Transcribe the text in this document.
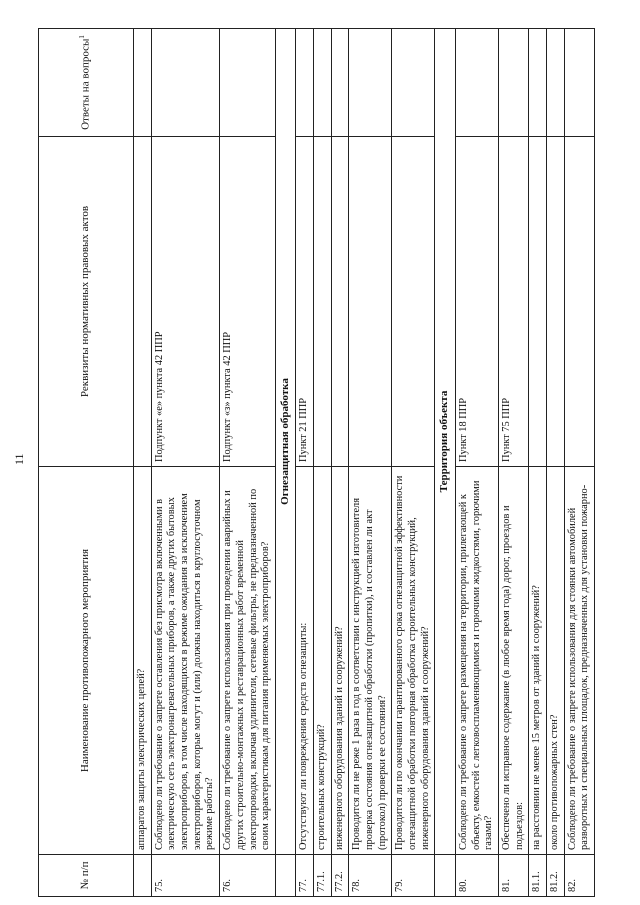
11
№ п/п	Наименование противопожарного мероприятия	Реквизиты нормативных правовых актов	Ответы на вопросы$^1$
	аппаратов защиты электрических цепей?		
75.	Соблюдено ли требование о запрете оставления без присмотра включенными в электрическую сеть электронагревательных приборов, а также других бытовых электроприборов, в том числе находящихся в режиме ожидания за исключением электроприборов, которые могут и (или) должны находиться в круглосуточном режиме работы?	Подпункт «е» пункта 42 ППР	
76.	Соблюдено ли требование о запрете использования при проведении аварийных и других строительно-монтажных и реставрационных работ временной электропроводки, включая удлинители, сетевые фильтры, не предназначенной по своим характеристикам для питания применяемых электроприборов?	Подпункт «з» пункта 42 ППР	
	Огнезащитная обработка		
77.	Отсутствуют ли повреждения средств огнезащиты:	Пункт 21 ППР	
77.1.	строительных конструкций?		
77.2.	инженерного оборудования зданий и сооружений?		
78.	Проводится ли не реже 1 раза в год в соответствии с инструкцией изготовителя проверка состояния огнезащитной обработки (пропитки), и составлен ли акт (протокол) проверки ее состояния?		
79.	Проводится ли по окончании гарантированного срока огнезащитной эффективности огнезащитной обработки повторная обработка строительных конструкций, инженерного оборудования зданий и сооружений?		
	Территория объекта		
80.	Соблюдено ли требование о запрете размещения на территории, прилегающей к объекту, емкостей с легковоспламеняющимися и горючими жидкостями, горючими газами?	Пункт 18 ППР	
81.	Обеспечено ли исправное содержание (в любое время года) дорог, проездов и подъездов:	Пункт 75 ППР	
81.1.	на расстоянии не менее 15 метров от зданий и сооружений?		
81.2.	около противопожарных стен?		
82.	Соблюдено ли требование о запрете использования для стоянки автомобилей разворотных и специальных площадок, предназначенных для установки пожарно-		
